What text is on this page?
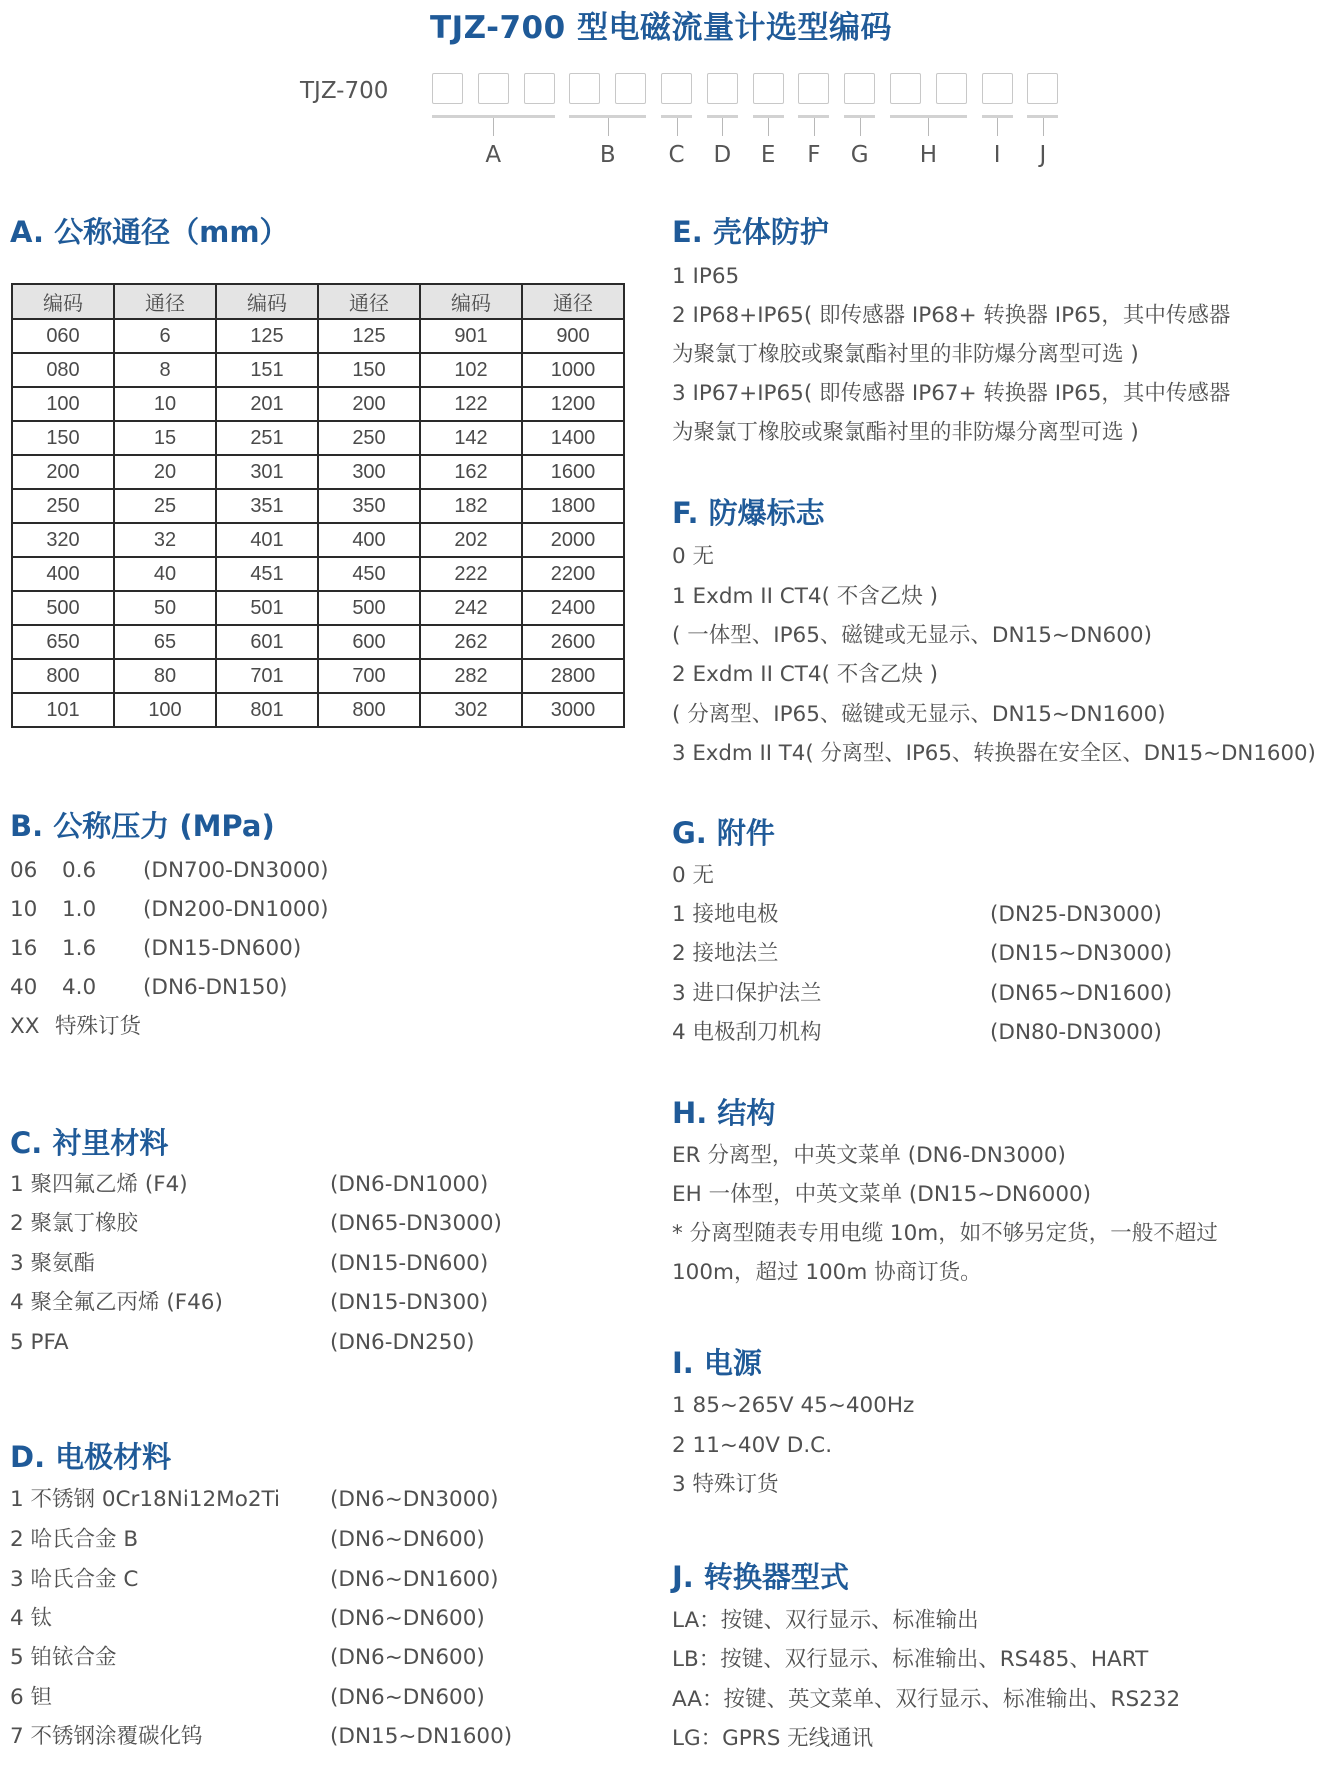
TJZ-700 型电磁流量计选型编码
TJZ-700
A	B	C	D	E	F	G H	I	J
A. 公称通径（mm）
编码	通径	编码	通径	编码	通径
060	6	125	125	901	900
080	8	151	150	102	1000
100	10	201	200	122	1200
150	15	251	250	142	1400
200	20	301	300	162	1600
250	25	351	350	182	1800
320	32	401	400	202	2000
400	40	451	450	222	2200
500	50	501	500	242	2400
650	65	601	600	262	2600
800	80	701	700	282	2800
101	100	801	800	302	3000
B. 公称压力 (MPa)
06 0.6 (DN700-DN3000)
10 1.0 (DN200-DN1000)
16 1.6 (DN15-DN600)
40 4.0 (DN6-DN150)
XX 特殊订货
C. 衬里材料
1 聚四氟乙烯 (F4)	(DN6-DN1000)
2 聚氯丁橡胶	(DN65-DN3000)
3 聚氨酯	(DN15-DN600)
4 聚全氟乙丙烯 (F46)	(DN15-DN300)
5 PFA	(DN6-DN250)
D. 电极材料
1 不锈钢 0Cr18Ni12Mo2Ti (DN6~DN3000)
2 哈氏合金 B	(DN6~DN600)
3 哈氏合金 C	(DN6~DN1600)
4 钛	(DN6~DN600)
5 铂铱合金	(DN6~DN600)
6 钽	(DN6~DN600)
7 不锈钢涂覆碳化钨	(DN15~DN1600)
E. 壳体防护
1 IP65
2 IP68+IP65( 即传感器 IP68+ 转换器 IP65，其中传感器
为聚氯丁橡胶或聚氯酯衬里的非防爆分离型可选 )
3 IP67+IP65( 即传感器 IP67+ 转换器 IP65，其中传感器
为聚氯丁橡胶或聚氯酯衬里的非防爆分离型可选 )
F. 防爆标志
0 无
1 Exdm II CT4( 不含乙炔 )
( 一体型、IP65、磁键或无显示、DN15~DN600)
2 Exdm II CT4( 不含乙炔 )
( 分离型、IP65、磁键或无显示、DN15~DN1600)
3 Exdm II T4( 分离型、IP65、转换器在安全区、DN15~DN1600)
G. 附件
0 无
1 接地电极	(DN25-DN3000)
2 接地法兰	(DN15~DN3000)
3 进口保护法兰	(DN65~DN1600)
4 电极刮刀机构	(DN80-DN3000)
H. 结构
ER 分离型，中英文菜单 (DN6-DN3000)
EH 一体型，中英文菜单 (DN15~DN6000)
* 分离型随表专用电缆 10m，如不够另定货，一般不超过
100m，超过 100m 协商订货。
I. 电源
1 85~265V 45~400Hz
2 11~40V D.C.
3 特殊订货
J. 转换器型式
LA：按键、双行显示、标准输出
LB：按键、双行显示、标准输出、RS485、HART
AA：按键、英文菜单、双行显示、标准输出、RS232
LG：GPRS 无线通讯
